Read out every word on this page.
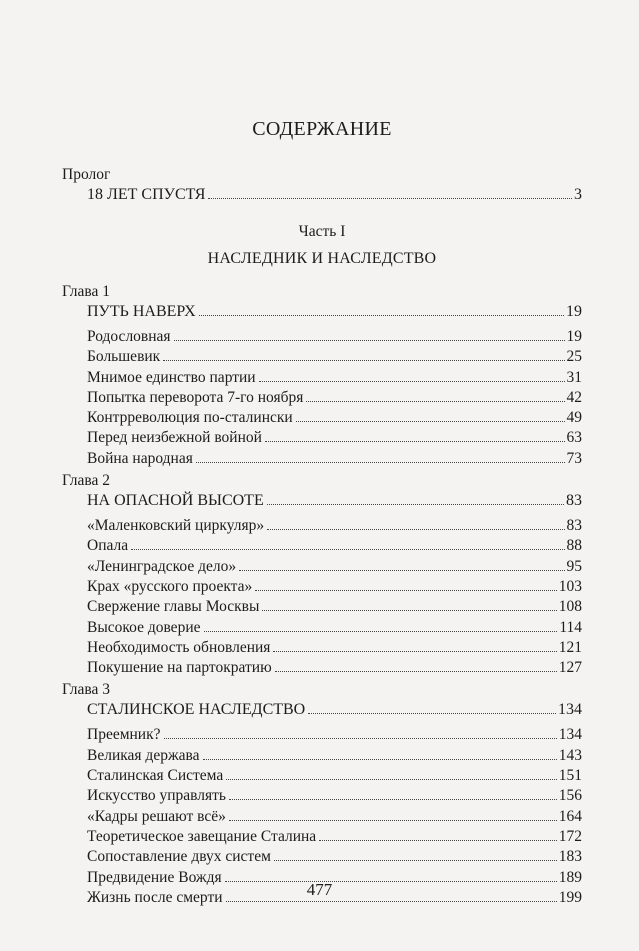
СОДЕРЖАНИЕ
Пролог
18 ЛЕТ СПУСТЯ	3
Часть I
НАСЛЕДНИК И НАСЛЕДСТВО
Глава 1
ПУТЬ НАВЕРХ	19
Родословная	19
Большевик	25
Мнимое единство партии	31
Попытка переворота 7-го ноября	42
Контрреволюция по-сталински	49
Перед неизбежной войной	63
Война народная	73
Глава 2
НА ОПАСНОЙ ВЫСОТЕ	83
«Маленковский циркуляр»	83
Опала	88
«Ленинградское дело»	95
Крах «русского проекта»	103
Свержение главы Москвы	108
Высокое доверие	114
Необходимость обновления	121
Покушение на партократию	127
Глава 3
СТАЛИНСКОЕ НАСЛЕДСТВО	134
Преемник?	134
Великая держава	143
Сталинская Система	151
Искусство управлять	156
«Кадры решают всё»	164
Теоретическое завещание Сталина	172
Сопоставление двух систем	183
Предвидение Вождя	189
Жизнь после смерти	199
477
